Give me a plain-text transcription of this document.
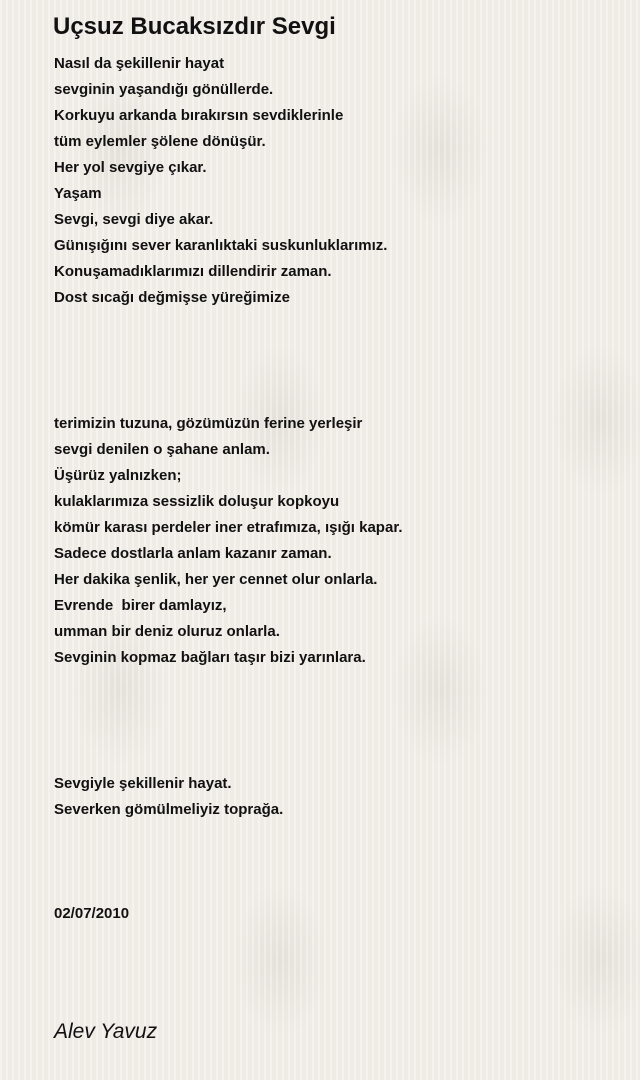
Uçsuz Bucaksızdır Sevgi
Nasıl da şekillenir hayat
sevginin yaşandığı gönüllerde.
Korkuyu arkanda bırakırsın sevdiklerinle
tüm eylemler şölene dönüşür.
Her yol sevgiye çıkar.
Yaşam
Sevgi, sevgi diye akar.
Günışığını sever karanlıktaki suskunluklarımız.
Konuşamadıklarımızı dillendirir zaman.
Dost sıcağı değmişse yüreğimize
terimizin tuzuna, gözümüzün ferine yerleşir
sevgi denilen o şahane anlam.
Üşürüz yalnızken;
kulaklarımıza sessizlik doluşur kopkoyu
kömür karası perdeler iner etrafımıza, ışığı kapar.
Sadece dostlarla anlam kazanır zaman.
Her dakika şenlik, her yer cennet olur onlarla.
Evrende  birer damlayız,
umman bir deniz oluruz onlarla.
Sevginin kopmaz bağları taşır bizi yarınlara.
Sevgiyle şekillenir hayat.
Severken gömülmeliyiz toprağa.
02/07/2010
Alev Yavuz
